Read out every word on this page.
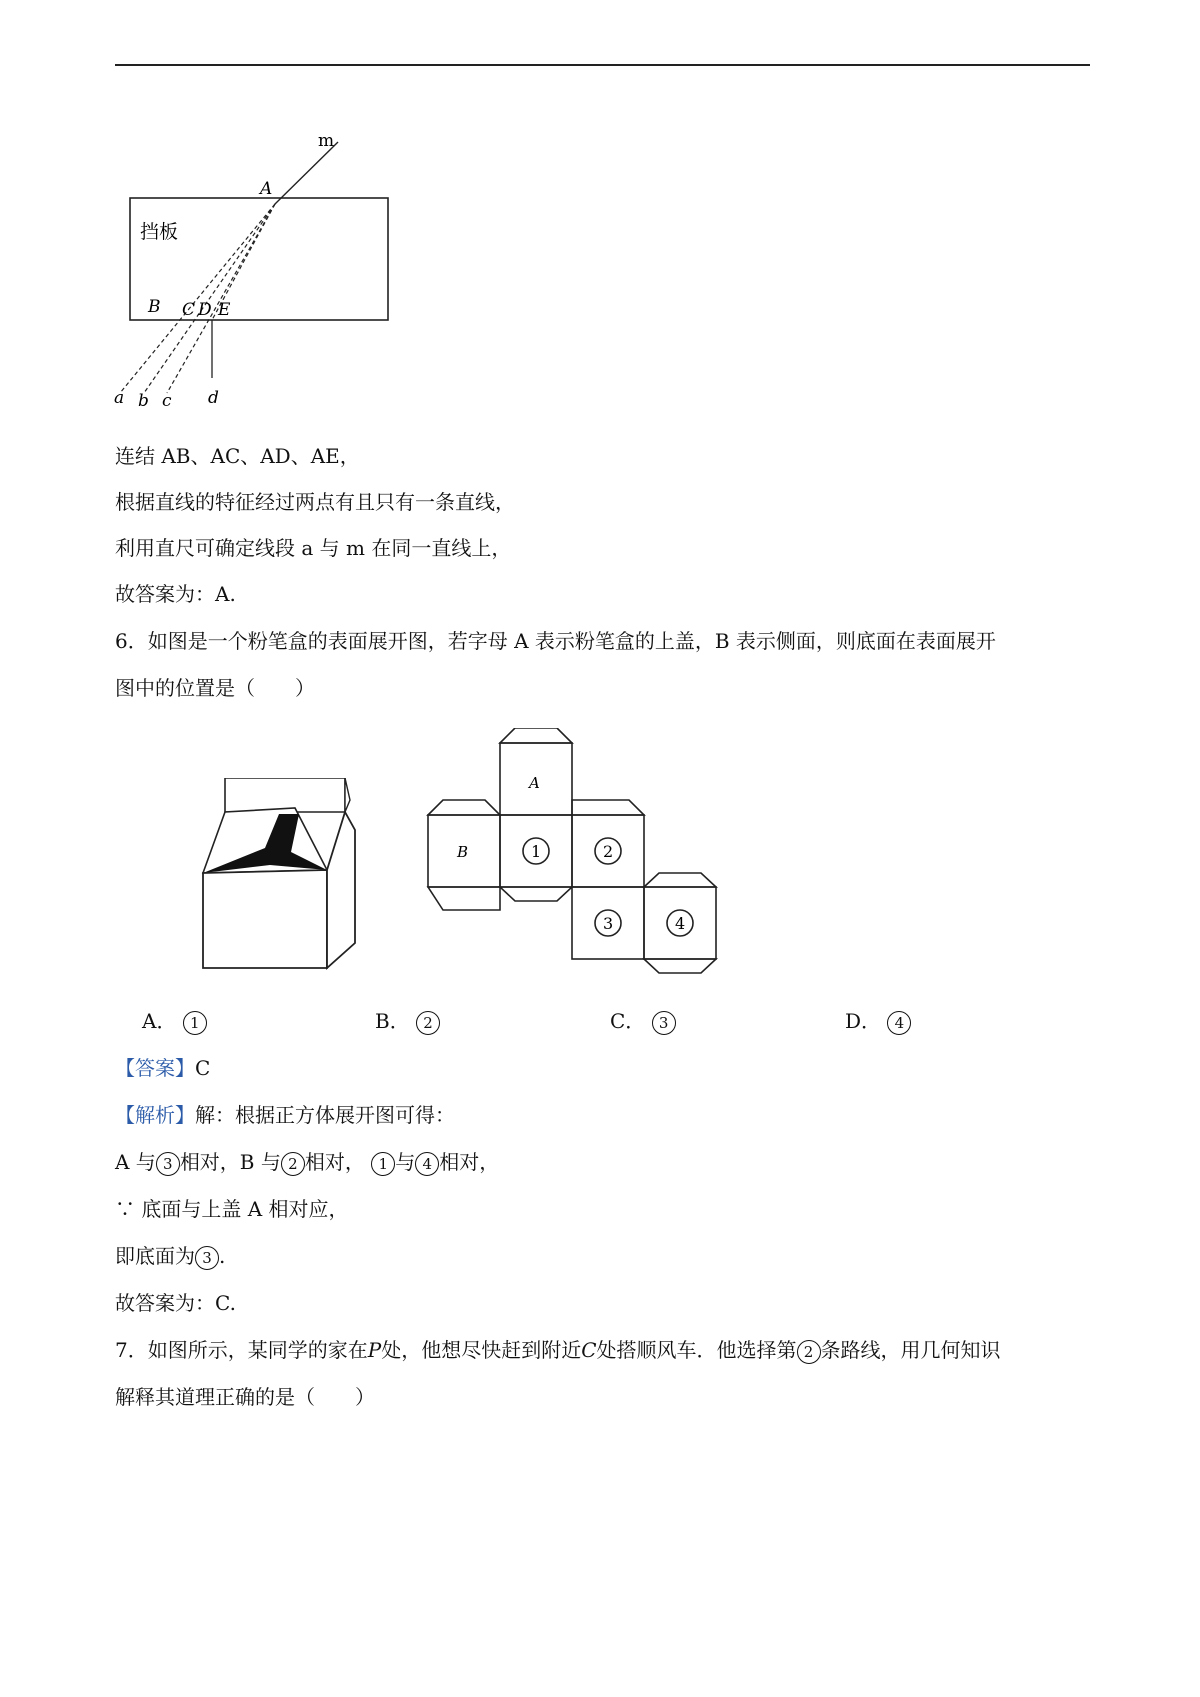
m
A
挡板
B C D E
a b c d
连结 AB、AC、AD、AE，
根据直线的特征经过两点有且只有一条直线，
利用直尺可确定线段 a 与 m 在同一直线上，
故答案为：A.
6．如图是一个粉笔盒的表面展开图，若字母 A 表示粉笔盒的上盖，B 表示侧面，则底面在表面展开
图中的位置是（　　）
A
B	1	2
3	4
A． 1	B． 2	C． 3	D． 4
【答案】C
【解析】解：根据正方体展开图可得：
A 与 3 相对，B 与 2 相对， 1 与 4 相对，
∵ 底面与上盖 A 相对应，
即底面为 3 .
故答案为：C.
7．如图所示，某同学的家在P处，他想尽快赶到附近C处搭顺风车．他选择第 2 条路线，用几何知识
解释其道理正确的是（　　）
